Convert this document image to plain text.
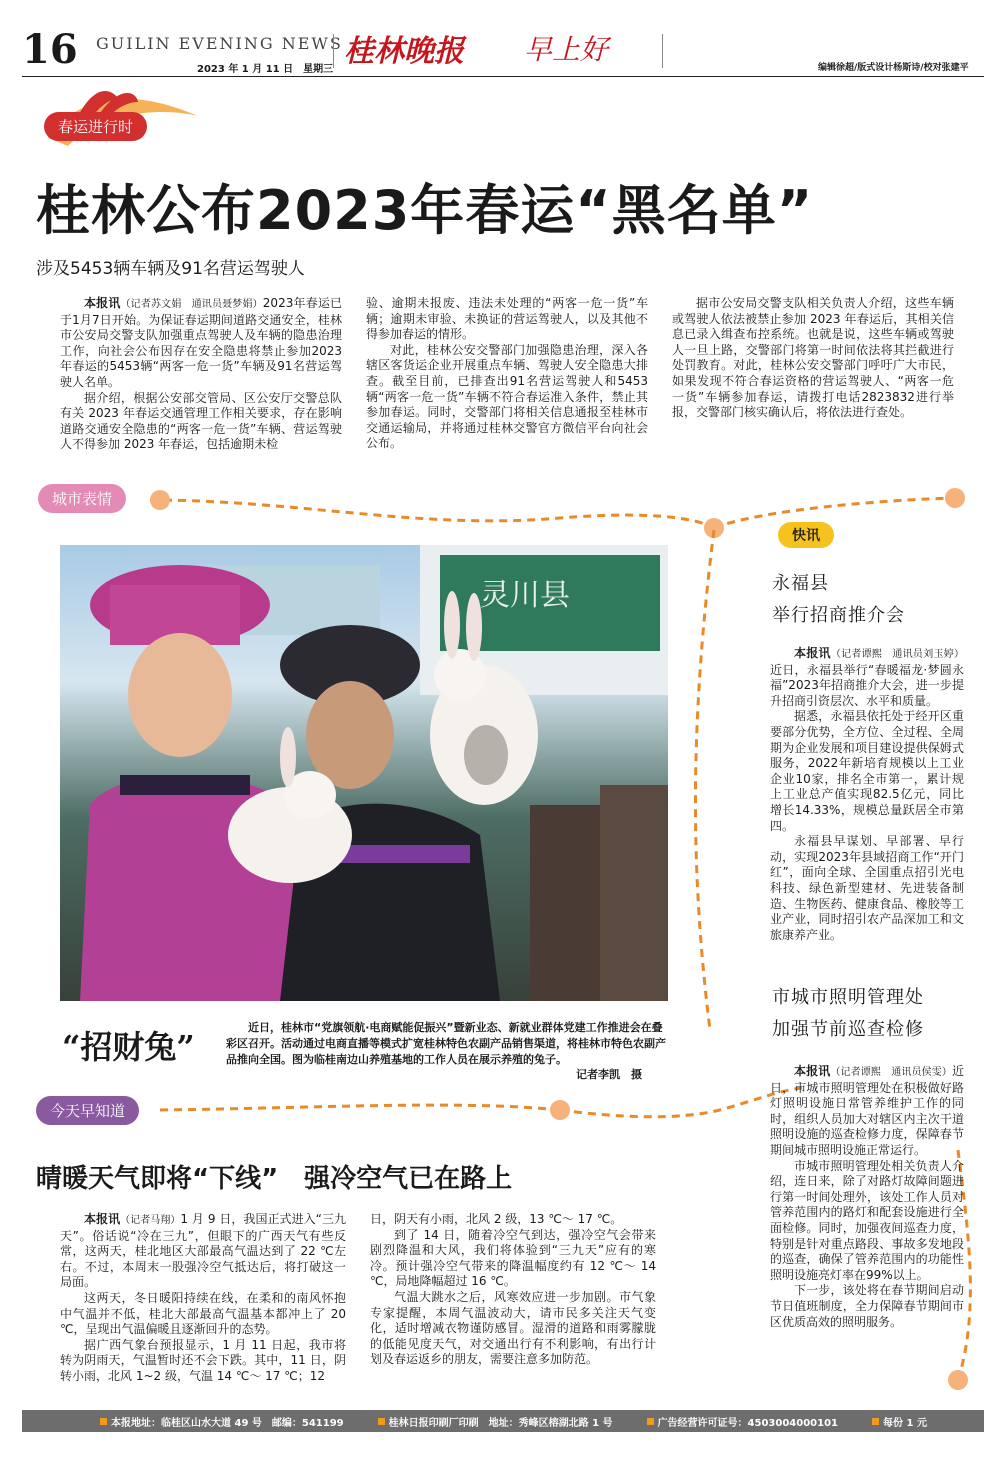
16 GUILIN EVENING NEWS
2023 年 1 月 11 日　星期三
桂林晚报 早上好
编辑徐超/版式设计杨斯诗/校对张建平
春运进行时
桂林公布2023年春运“黑名单”
涉及5453辆车辆及91名营运驾驶人

本报讯（记者苏文娟　通讯员聂梦娟）2023年春运已于1月7日开始。为保证春运期间道路交通安全，桂林市公安局交警支队加强重点驾驶人及车辆的隐患治理工作，向社会公布因存在安全隐患将禁止参加2023年春运的5453辆“两客一危一货”车辆及91名营运驾驶人名单。

据介绍，根据公安部交管局、区公安厅交警总队有关 2023 年春运交通管理工作相关要求，存在影响道路交通安全隐患的“两客一危一货”车辆、营运驾驶人不得参加 2023 年春运，包括逾期未检

验、逾期未报废、违法未处理的“两客一危一货”车辆；逾期未审验、未换证的营运驾驶人，以及其他不得参加春运的情形。

对此，桂林公安交警部门加强隐患治理，深入各辖区客货运企业开展重点车辆、驾驶人安全隐患大排查。截至目前，已排查出91名营运驾驶人和5453辆“两客一危一货”车辆不符合春运准入条件，禁止其参加春运。同时，交警部门将相关信息通报至桂林市交通运输局，并将通过桂林交警官方微信平台向社会公布。

据市公安局交警支队相关负责人介绍，这些车辆或驾驶人依法被禁止参加 2023 年春运后，其相关信息已录入缉查布控系统。也就是说，这些车辆或驾驶人一旦上路，交警部门将第一时间依法将其拦截进行处罚教育。对此，桂林公安交警部门呼吁广大市民，如果发现不符合春运资格的营运驾驶人、“两客一危一货”车辆参加春运，请拨打电话2823832进行举报，交警部门核实确认后，将依法进行查处。

城市表情
灵川县
“招财兔”
近日，桂林市“党旗领航·电商赋能促振兴”暨新业态、新就业群体党建工作推进会在叠彩区召开。活动通过电商直播等模式扩宽桂林特色农副产品销售渠道，将桂林市特色农副产品推向全国。图为临桂南边山养殖基地的工作人员在展示养殖的兔子。
记者李凯　摄
快讯
永福县
举行招商推介会

本报讯（记者谭熙　通讯员刘玉婷）近日，永福县举行“春暖福龙·梦圆永福”2023年招商推介大会，进一步提升招商引资层次、水平和质量。

据悉，永福县依托处于经开区重要部分优势，全方位、全过程、全周期为企业发展和项目建设提供保姆式服务，2022年新培育规模以上工业企业10家，排名全市第一，累计规上工业总产值实现82.5亿元，同比增长14.33%，规模总量跃居全市第四。

永福县早谋划、早部署、早行动，实现2023年县域招商工作“开门红”，面向全球、全国重点招引光电科技、绿色新型建材、先进装备制造、生物医药、健康食品、橡胶等工业产业，同时招引农产品深加工和文旅康养产业。

市城市照明管理处
加强节前巡查检修

本报讯（记者谭熙　通讯员侯雯）近日，市城市照明管理处在积极做好路灯照明设施日常管养维护工作的同时，组织人员加大对辖区内主次干道照明设施的巡查检修力度，保障春节期间城市照明设施正常运行。

市城市照明管理处相关负责人介绍，连日来，除了对路灯故障间题进行第一时间处理外，该处工作人员对管养范围内的路灯和配套设施进行全面检修。同时，加强夜间巡查力度，特别是针对重点路段、事故多发地段的巡查，确保了管养范围内的功能性照明设施亮灯率在99%以上。

下一步，该处将在春节期间启动节日值班制度，全力保障春节期间市区优质高效的照明服务。

今天早知道
晴暖天气即将“下线”　强冷空气已在路上

本报讯（记者马翔）1 月 9 日，我国正式进入“三九天”。俗话说“冷在三九”，但眼下的广西天气有些反常，这两天，桂北地区大部最高气温达到了 22 ℃左右。不过，本周末一股强冷空气抵达后，将打破这一局面。

这两天，冬日暖阳持续在线，在柔和的南风怀抱中气温并不低，桂北大部最高气温基本都冲上了 20 ℃，呈现出气温偏暖且逐渐回升的态势。

据广西气象台预报显示，1 月 11 日起，我市将转为阴雨天，气温暂时还不会下跌。其中，11 日，阴转小雨，北风 1~2 级，气温 14 ℃～ 17 ℃；12

日，阴天有小雨，北风 2 级，13 ℃～ 17 ℃。

到了 14 日，随着冷空气到达，强冷空气会带来剧烈降温和大风，我们将体验到“三九天”应有的寒冷。预计强冷空气带来的降温幅度约有 12 ℃～ 14 ℃，局地降幅超过 16 ℃。

气温大跳水之后，风寒效应进一步加剧。市气象专家提醒，本周气温波动大，请市民多关注天气变化，适时增减衣物谨防感冒。湿滑的道路和雨雾朦胧的低能见度天气，对交通出行有不利影响，有出行计划及春运返乡的朋友，需要注意多加防范。

本报地址：临桂区山水大道 49 号　邮编：541199	桂林日报印刷厂印刷　地址：秀峰区榕湖北路 1 号	广告经营许可证号：4503004000101	每份 1 元
